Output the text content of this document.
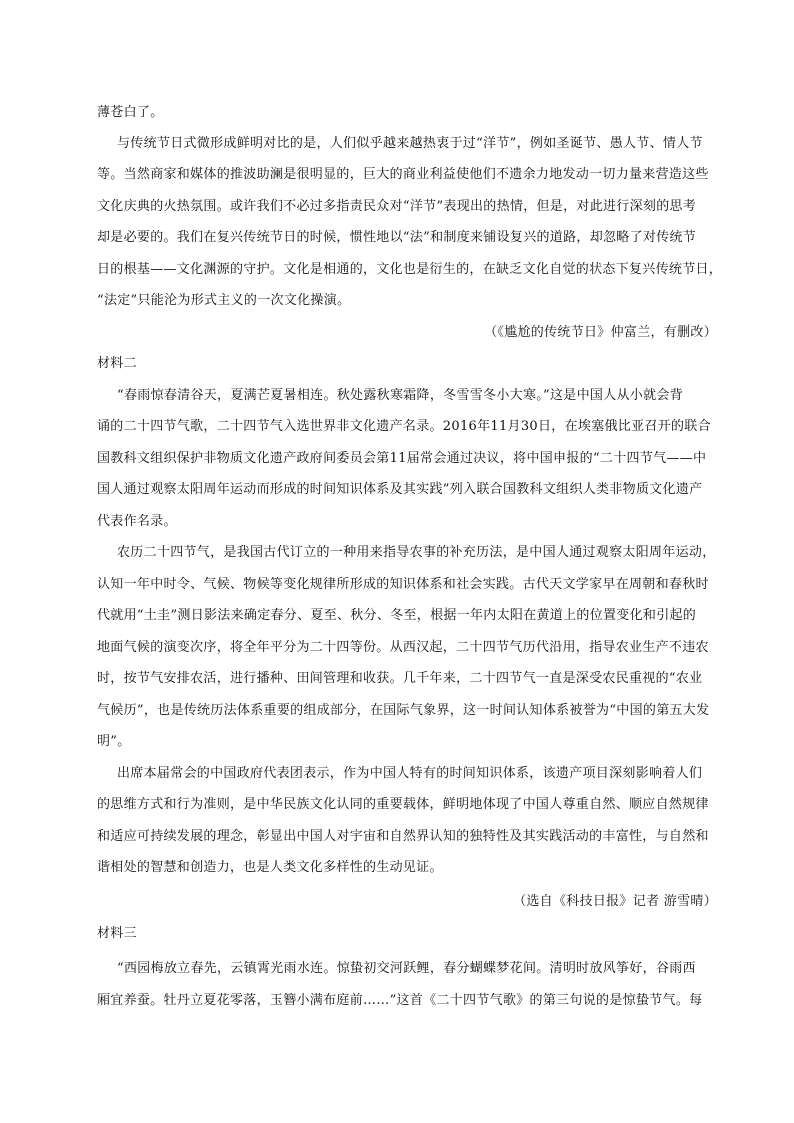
薄苍白了。
与传统节日式微形成鲜明对比的是，人们似乎越来越热衷于过“洋节”，例如圣诞节、愚人节、情人节
等。当然商家和媒体的推波助澜是很明显的，巨大的商业利益使他们不遗余力地发动一切力量来营造这些
文化庆典的火热氛围。或许我们不必过多指责民众对“洋节”表现出的热情，但是，对此进行深刻的思考
却是必要的。我们在复兴传统节日的时候，惯性地以“法”和制度来铺设复兴的道路，却忽略了对传统节
日的根基——文化渊源的守护。文化是相通的，文化也是衍生的，在缺乏文化自觉的状态下复兴传统节日，
“法定”只能沦为形式主义的一次文化操演。
（《尴尬的传统节日》仲富兰，有删改）
材料二
“春雨惊春清谷天，夏满芒夏暑相连。秋处露秋寒霜降，冬雪雪冬小大寒。”这是中国人从小就会背
诵的二十四节气歌，二十四节气入选世界非文化遗产名录。2016年11月30日，在埃塞俄比亚召开的联合
国教科文组织保护非物质文化遗产政府间委员会第11届常会通过决议，将中国申报的“二十四节气——中
国人通过观察太阳周年运动而形成的时间知识体系及其实践”列入联合国教科文组织人类非物质文化遗产
代表作名录。
农历二十四节气，是我国古代订立的一种用来指导农事的补充历法，是中国人通过观察太阳周年运动，
认知一年中时令、气候、物候等变化规律所形成的知识体系和社会实践。古代天文学家早在周朝和春秋时
代就用“土圭”测日影法来确定春分、夏至、秋分、冬至，根据一年内太阳在黄道上的位置变化和引起的
地面气候的演变次序，将全年平分为二十四等份。从西汉起，二十四节气历代沿用，指导农业生产不违农
时，按节气安排农活，进行播种、田间管理和收获。几千年来，二十四节气一直是深受农民重视的“农业
气候历”，也是传统历法体系重要的组成部分，在国际气象界，这一时间认知体系被誉为“中国的第五大发
明”。
出席本届常会的中国政府代表团表示，作为中国人特有的时间知识体系，该遗产项目深刻影响着人们
的思维方式和行为准则，是中华民族文化认同的重要载体，鲜明地体现了中国人尊重自然、顺应自然规律
和适应可持续发展的理念，彰显出中国人对宇宙和自然界认知的独特性及其实践活动的丰富性，与自然和
谐相处的智慧和创造力，也是人类文化多样性的生动见证。
（选自《科技日报》记者 游雪晴）
材料三
“西园梅放立春先，云镇霄光雨水连。惊蛰初交河跃鲤，春分蝴蝶梦花间。清明时放风筝好，谷雨西
厢宜养蚕。牡丹立夏花零落，玉簪小满布庭前……”这首《二十四节气歌》的第三句说的是惊蛰节气。每
